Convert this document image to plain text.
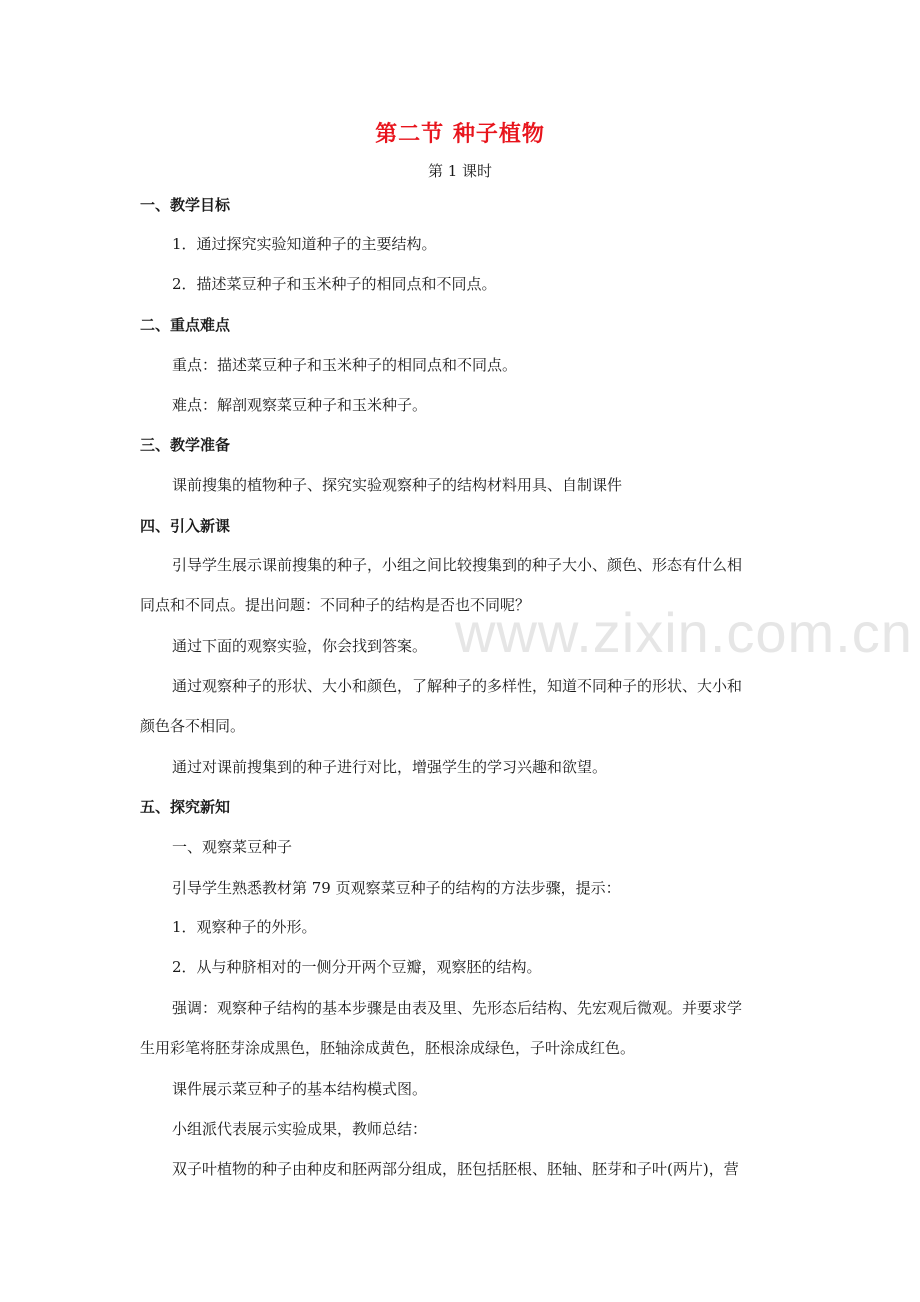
第二节 种子植物
第 1 课时
一、教学目标
1．通过探究实验知道种子的主要结构。
2．描述菜豆种子和玉米种子的相同点和不同点。
二、重点难点
重点：描述菜豆种子和玉米种子的相同点和不同点。
难点：解剖观察菜豆种子和玉米种子。
三、教学准备
课前搜集的植物种子、探究实验观察种子的结构材料用具、自制课件
四、引入新课
引导学生展示课前搜集的种子，小组之间比较搜集到的种子大小、颜色、形态有什么相
同点和不同点。提出问题：不同种子的结构是否也不同呢？
通过下面的观察实验，你会找到答案。
通过观察种子的形状、大小和颜色，了解种子的多样性，知道不同种子的形状、大小和
颜色各不相同。
通过对课前搜集到的种子进行对比，增强学生的学习兴趣和欲望。
五、探究新知
一、观察菜豆种子
引导学生熟悉教材第 79 页观察菜豆种子的结构的方法步骤，提示：
1．观察种子的外形。
2．从与种脐相对的一侧分开两个豆瓣，观察胚的结构。
强调：观察种子结构的基本步骤是由表及里、先形态后结构、先宏观后微观。并要求学
生用彩笔将胚芽涂成黑色，胚轴涂成黄色，胚根涂成绿色，子叶涂成红色。
课件展示菜豆种子的基本结构模式图。
小组派代表展示实验成果，教师总结：
双子叶植物的种子由种皮和胚两部分组成，胚包括胚根、胚轴、胚芽和子叶(两片)，营
www.zixin.com.cn
